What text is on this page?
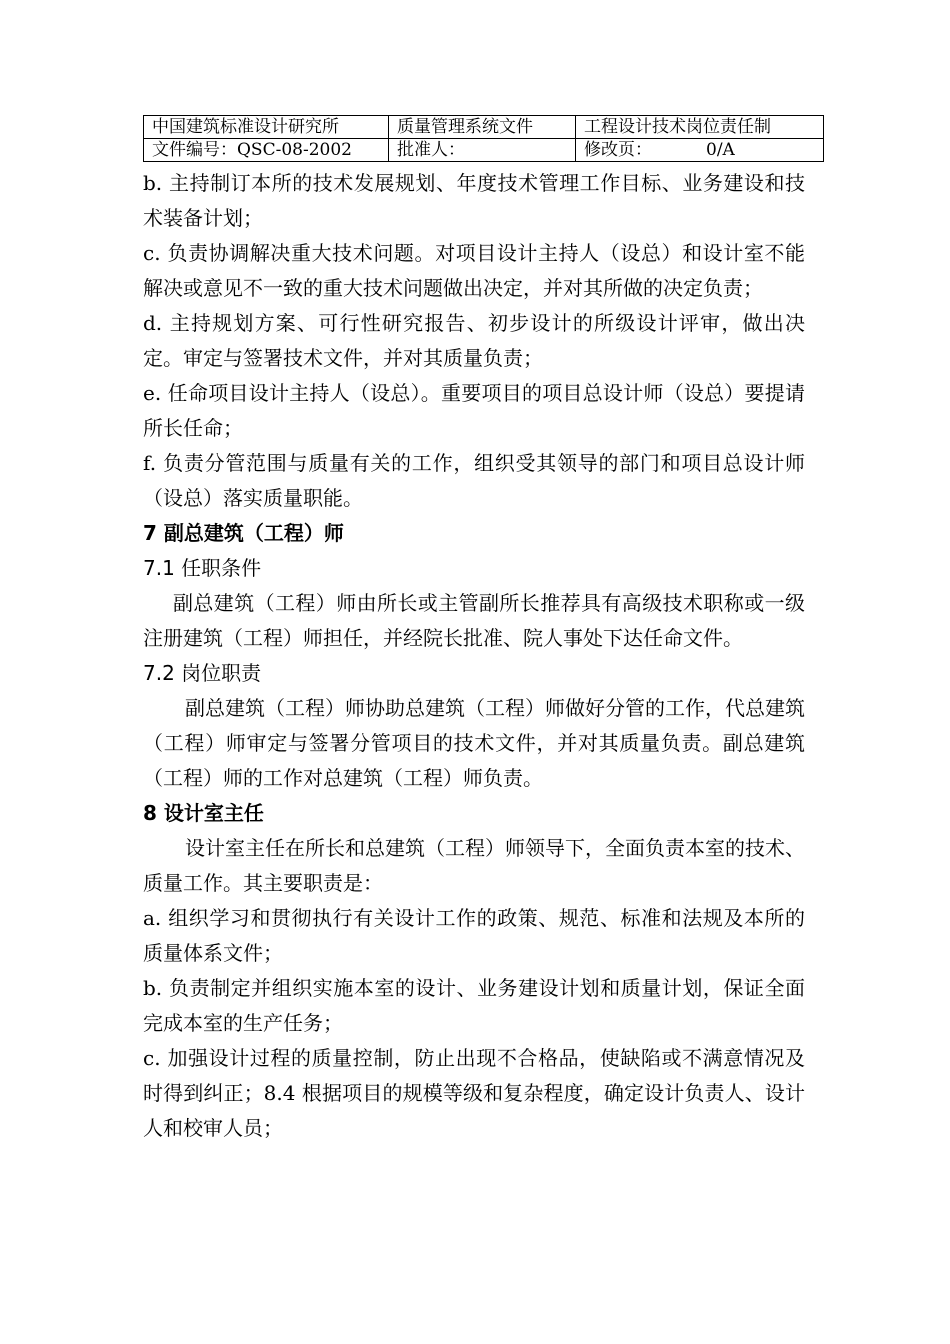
中国建筑标准设计研究所	质量管理系统文件	工程设计技术岗位责任制
文件编号：QSC-08-2002	批准人：	修改页： 0/A

b. 主持制订本所的技术发展规划、年度技术管理工作目标、业务建设和技术装备计划；

c. 负责协调解决重大技术问题。对项目设计主持人（设总）和设计室不能解决或意见不一致的重大技术问题做出决定，并对其所做的决定负责；

d. 主持规划方案、可行性研究报告、初步设计的所级设计评审，做出决定。审定与签署技术文件，并对其质量负责；

e. 任命项目设计主持人（设总）。重要项目的项目总设计师（设总）要提请所长任命；

f. 负责分管范围与质量有关的工作，组织受其领导的部门和项目总设计师（设总）落实质量职能。

7 副总建筑（工程）师

7.1 任职条件

副总建筑（工程）师由所长或主管副所长推荐具有高级技术职称或一级注册建筑（工程）师担任，并经院长批准、院人事处下达任命文件。

7.2 岗位职责

副总建筑（工程）师协助总建筑（工程）师做好分管的工作，代总建筑（工程）师审定与签署分管项目的技术文件，并对其质量负责。副总建筑（工程）师的工作对总建筑（工程）师负责。

8 设计室主任

设计室主任在所长和总建筑（工程）师领导下，全面负责本室的技术、质量工作。其主要职责是：

a. 组织学习和贯彻执行有关设计工作的政策、规范、标准和法规及本所的质量体系文件；

b. 负责制定并组织实施本室的设计、业务建设计划和质量计划，保证全面完成本室的生产任务；

c. 加强设计过程的质量控制，防止出现不合格品，使缺陷或不满意情况及时得到纠正；8.4 根据项目的规模等级和复杂程度，确定设计负责人、设计人和校审人员；
